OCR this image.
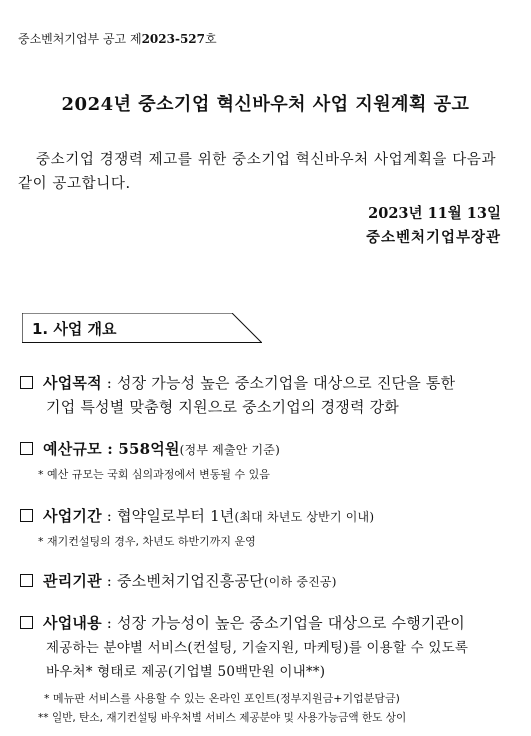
중소벤처기업부 공고 제2023-527호
2024년 중소기업 혁신바우처 사업 지원계획 공고
중소기업 경쟁력 제고를 위한 중소기업 혁신바우처 사업계획을 다음과
같이 공고합니다.
2023년 11월 13일
중소벤처기업부장관
1. 사업 개요
사업목적 : 성장 가능성 높은 중소기업을 대상으로 진단을 통한
기업 특성별 맞춤형 지원으로 중소기업의 경쟁력 강화
예산규모 : 558억원(정부 제출안 기준)
* 예산 규모는 국회 심의과정에서 변동될 수 있음
사업기간 : 협약일로부터 1년(최대 차년도 상반기 이내)
* 재기컨설팅의 경우, 차년도 하반기까지 운영
관리기관 : 중소벤처기업진흥공단(이하 중진공)
사업내용 : 성장 가능성이 높은 중소기업을 대상으로 수행기관이
제공하는 분야별 서비스(컨설팅, 기술지원, 마케팅)를 이용할 수 있도록
바우처* 형태로 제공(기업별 50백만원 이내**)
* 메뉴판 서비스를 사용할 수 있는 온라인 포인트(정부지원금+기업분담금)
** 일반, 탄소, 재기컨설팅 바우처별 서비스 제공분야 및 사용가능금액 한도 상이
